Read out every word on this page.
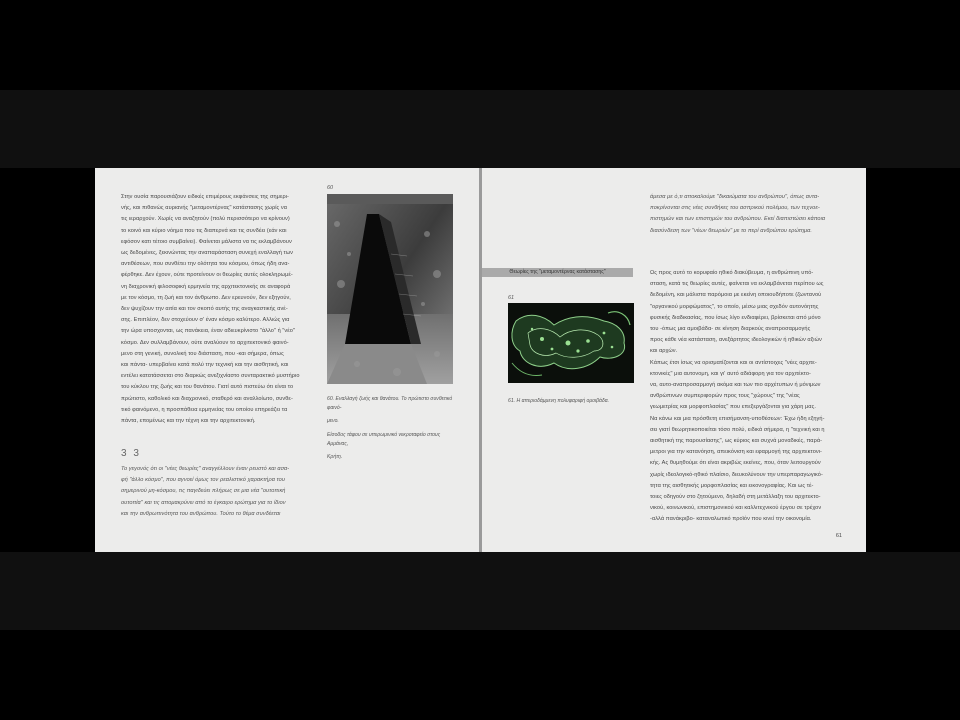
Στην ουσία παρουσιάζουν ειδικές επιμέρους εκφάνσεις της σημερι-

νής, και πιθανώς αυριανής "μεταμοντέρνας" κατάστασης χωρίς να

τις ιεραρχούν. Χωρίς να αναζητούν (πολύ περισσότερο να κρίνουν)

το κοινό και κύριο νόημα που τις διαπερνά και τις συνδέει (εάν και

εφόσον κατι τέτοιο συμβαίνει). Φαίνεται μάλιστα να τις εκλαμβάνουν

ως δεδομένες, ξεκινώντας την αναπαράσταση συνεχή εναλλαγή των

αντιθέσεων, που συνθέτει την ολότητα του κόσμου, όπως ήδη ανα-

φέρθηκε. Δεν έχουν, ούτε προτείνουν οι θεωρίες αυτές ολοκληρωμέ-

νη διαχρονική φιλοσοφική ερμηνεία της αρχιτεκτονικής σε αναφορά

με τον κόσμο, τη ζωή και τον άνθρωπο. Δεν ερευνούν, δεν εξηγούν,

δεν ψυχίζουν την αιτία και τον σκοπό αυτής της αναγκαστικής ανέ-

σης. Επιπλέον, δεν στοχεύουν σ' έναν κόσμο καλύτερο. Αλλιώς για

την ώρα υποσχονται, ως πανάκεια, έναν αδιευκρίνιστο "άλλο" ή "νέο"

κόσμο. Δεν συλλαμβάνουν, ούτε αναλύουν το αρχιτεκτονικό φαινό-

μενο στη γενική, συνολική του διάσταση, που -και σήμερα, όπως

και πάντα- υπερβαίνει κατά πολύ την τεχνική και την αισθητική, και

εντέλει κατατάσσεται στο διαρκώς ανεξιχνίαστο συνταρακτικό μυστήριο

του κύκλου της ζωής και του θανάτου. Γιατί αυτό πιστεύω ότι είναι το

πρώτιστο, καθολικό και διαχρονικό, σταθερό και αναλλοίωτο, συνθε-

τικό φαινόμενο, η προσπάθεια ερμηνείας του οποίου επηρεάζει τα

πάντα, επομένως και την τέχνη και την αρχιτεκτονική.

3 3

Το γεγονός ότι οι "νέες θεωρίες" αναγγέλλουν έναν ρευστό και ασα-

φή "άλλο κόσμο", που αγνοεί όμως τον ρεαλιστικό χαρακτήρα του

σημερινού μη-κόσμου, τις παγιδεύει πλήρως σε μια νέα "ουτοπική

ουτοπία" και τις απομακρύνει από το έγκαιρο ερώτημα για το ίδιον

και την ανθρωπινότητα του ανθρώπου. Τούτο το θέμα συνδέεται

60

60. Εναλλαγή ζωής και θανάτου. Το πρώτιστο συνθετικό φαινό-

μενο.

Είσοδος τάφου σε υπερωμινικό νεκροταφείο στους Αμμάνας,

Κρήτη.

άμεσα με ό,τι αποκαλούμε "δικαιώματα του ανθρώπου", όπως αντα-

ποκρίνονται στις νέες συνθήκες του ασπρικού πολέμου, των τεχνοε-

πιστημών και των επιστημών του ανθρώπου. Εκεί διαπιστώσει κάποια

διασύνδεση των "νέων θεωριών" με το περί ανθρώπου ερώτημα.

Θεωρίες της "μεταμοντέρνας κατάστασης"
61
61. Η απεριοδάμμενη πολυφαριφή ομοιβάδα.

Ως προς αυτό το κορυφαίο ηθικό διακύβευμα, η ανθρώπινη υπό-

σταση, κατά τις θεωρίες αυτές, φαίνεται να εκλαμβάνεται περίπου ως

δεδομένη, και μάλιστα παρόμοια με εκείνη οποιουδήποτε (ζωντανού

"οργανικού μορφώματος", το οποίο, μέσω μιας σχεδόν αυτονόητης

φυσικής διαδικασίας, που ίσως λίγο ενδιαφέρει, βρίσκεται από μόνο

του -όπως μια αμοιβάδα- σε κίνηση διαρκούς αναπροσαρμογής

προς κάθε νέα κατάσταση, ανεξάρτητος ιδεολογικών ή ηθικών αξιών

και αρχών.

Κάπως έτσι ίσως να ορισματίζονται και οι αντίστοιχες "νέες αρχιτε-

κτονικές" μια αυτονομη, και γι' αυτό αδιάφορη για τον αρχιτέκτο-

να, αυτο-αναπροσαρμογή ακόμα και των πιο αρχέτυπων ή μόνιμων

ανθρώπινων συμπεριφορών προς τους "χώρους" της "νέας

γεωμετρίας και μορφοπλασίας" που επεξεργάζονται για χάρη μας.

Να κάνω και μια πρόσθετη επισήμανση-υποθέσεων: Έχω ήδη εξηγή-

σει γιατί θεωρητικοποιείται τόσο πολύ, ειδικά σήμερα, η "τεχνική και η

αισθητική της παρουσίασης", ως κύριος και συχνά μοναδικές, παρά-

μετροι για την κατανόηση, απεικόνιση και εφαρμογή της αρχιτεκτονι-

κής. Ας θυμηθούμε ότι είναι ακριβώς εκείνες, που, όταν λειτουργούν

χωρίς ιδεολογικό-ηθικό πλαίσιο, διευκολύνουν την υπερπαραγωγικό-

τητα της αισθητικής μορφοπλασίας και εικονογραφίας. Και ως τέ-

τοιες οδηγούν στο ζητούμενο, δηλαδή στη μετάλλαξη του αρχιτεκτο-

νικού, κοινωνικού, επιστημονικού και καλλιτεχνικού έργου σε τρέχον

-αλλά πανάκριβο- καταναλωτικό προϊόν που κινεί την οικονομία.

61
